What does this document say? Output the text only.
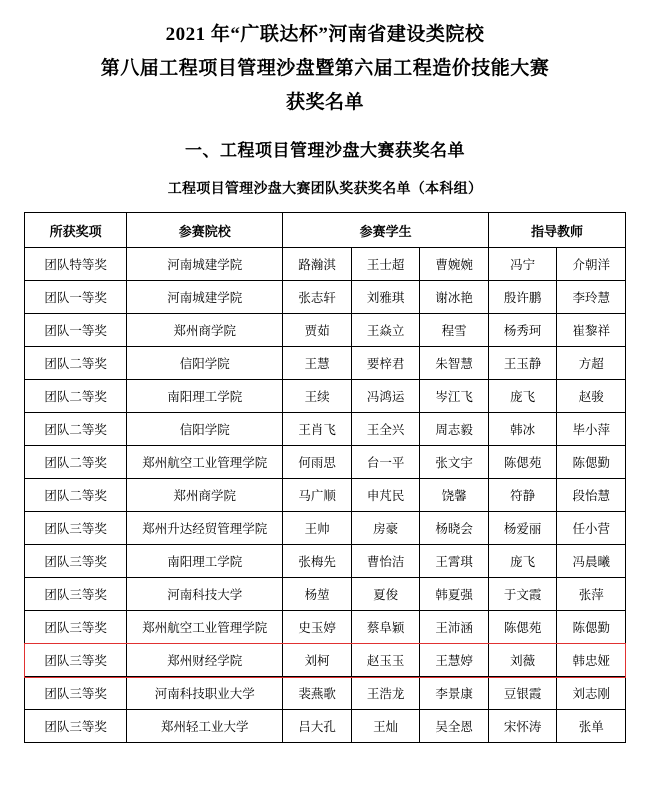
2021 年“广联达杯”河南省建设类院校
第八届工程项目管理沙盘暨第六届工程造价技能大赛
获奖名单
一、工程项目管理沙盘大赛获奖名单
工程项目管理沙盘大赛团队奖获奖名单（本科组）
所获奖项	参赛院校	参赛学生			指导教师	
团队特等奖	河南城建学院	路瀚淇	王士超	曹婉婉	冯宁	介朝洋
团队一等奖	河南城建学院	张志轩	刘雅琪	谢冰艳	殷许鹏	李玲慧
团队一等奖	郑州商学院	贾茹	王焱立	程雪	杨秀珂	崔黎祥
团队二等奖	信阳学院	王慧	要梓君	朱智慧	王玉静	方超
团队二等奖	南阳理工学院	王续	冯鸿运	岑江飞	庞飞	赵骏
团队二等奖	信阳学院	王肖飞	王全兴	周志毅	韩冰	毕小萍
团队二等奖	郑州航空工业管理学院	何雨思	台一平	张文宇	陈偲苑	陈偲勤
团队二等奖	郑州商学院	马广顺	申芃民	饶馨	符静	段怡慧
团队三等奖	郑州升达经贸管理学院	王帅	房豪	杨晓会	杨爱丽	任小营
团队三等奖	南阳理工学院	张梅先	曹怡洁	王霄琪	庞飞	冯晨曦
团队三等奖	河南科技大学	杨堃	夏俊	韩夏强	于文霞	张萍
团队三等奖	郑州航空工业管理学院	史玉婷	蔡阜颖	王沛涵	陈偲苑	陈偲勤
团队三等奖	郑州财经学院	刘柯	赵玉玉	王慧婷	刘薇	韩忠娅
团队三等奖	河南科技职业大学	裴燕歌	王浩龙	李景康	豆银霞	刘志刚
团队三等奖	郑州轻工业大学	吕大孔	王灿	吴全恩	宋怀涛	张单
